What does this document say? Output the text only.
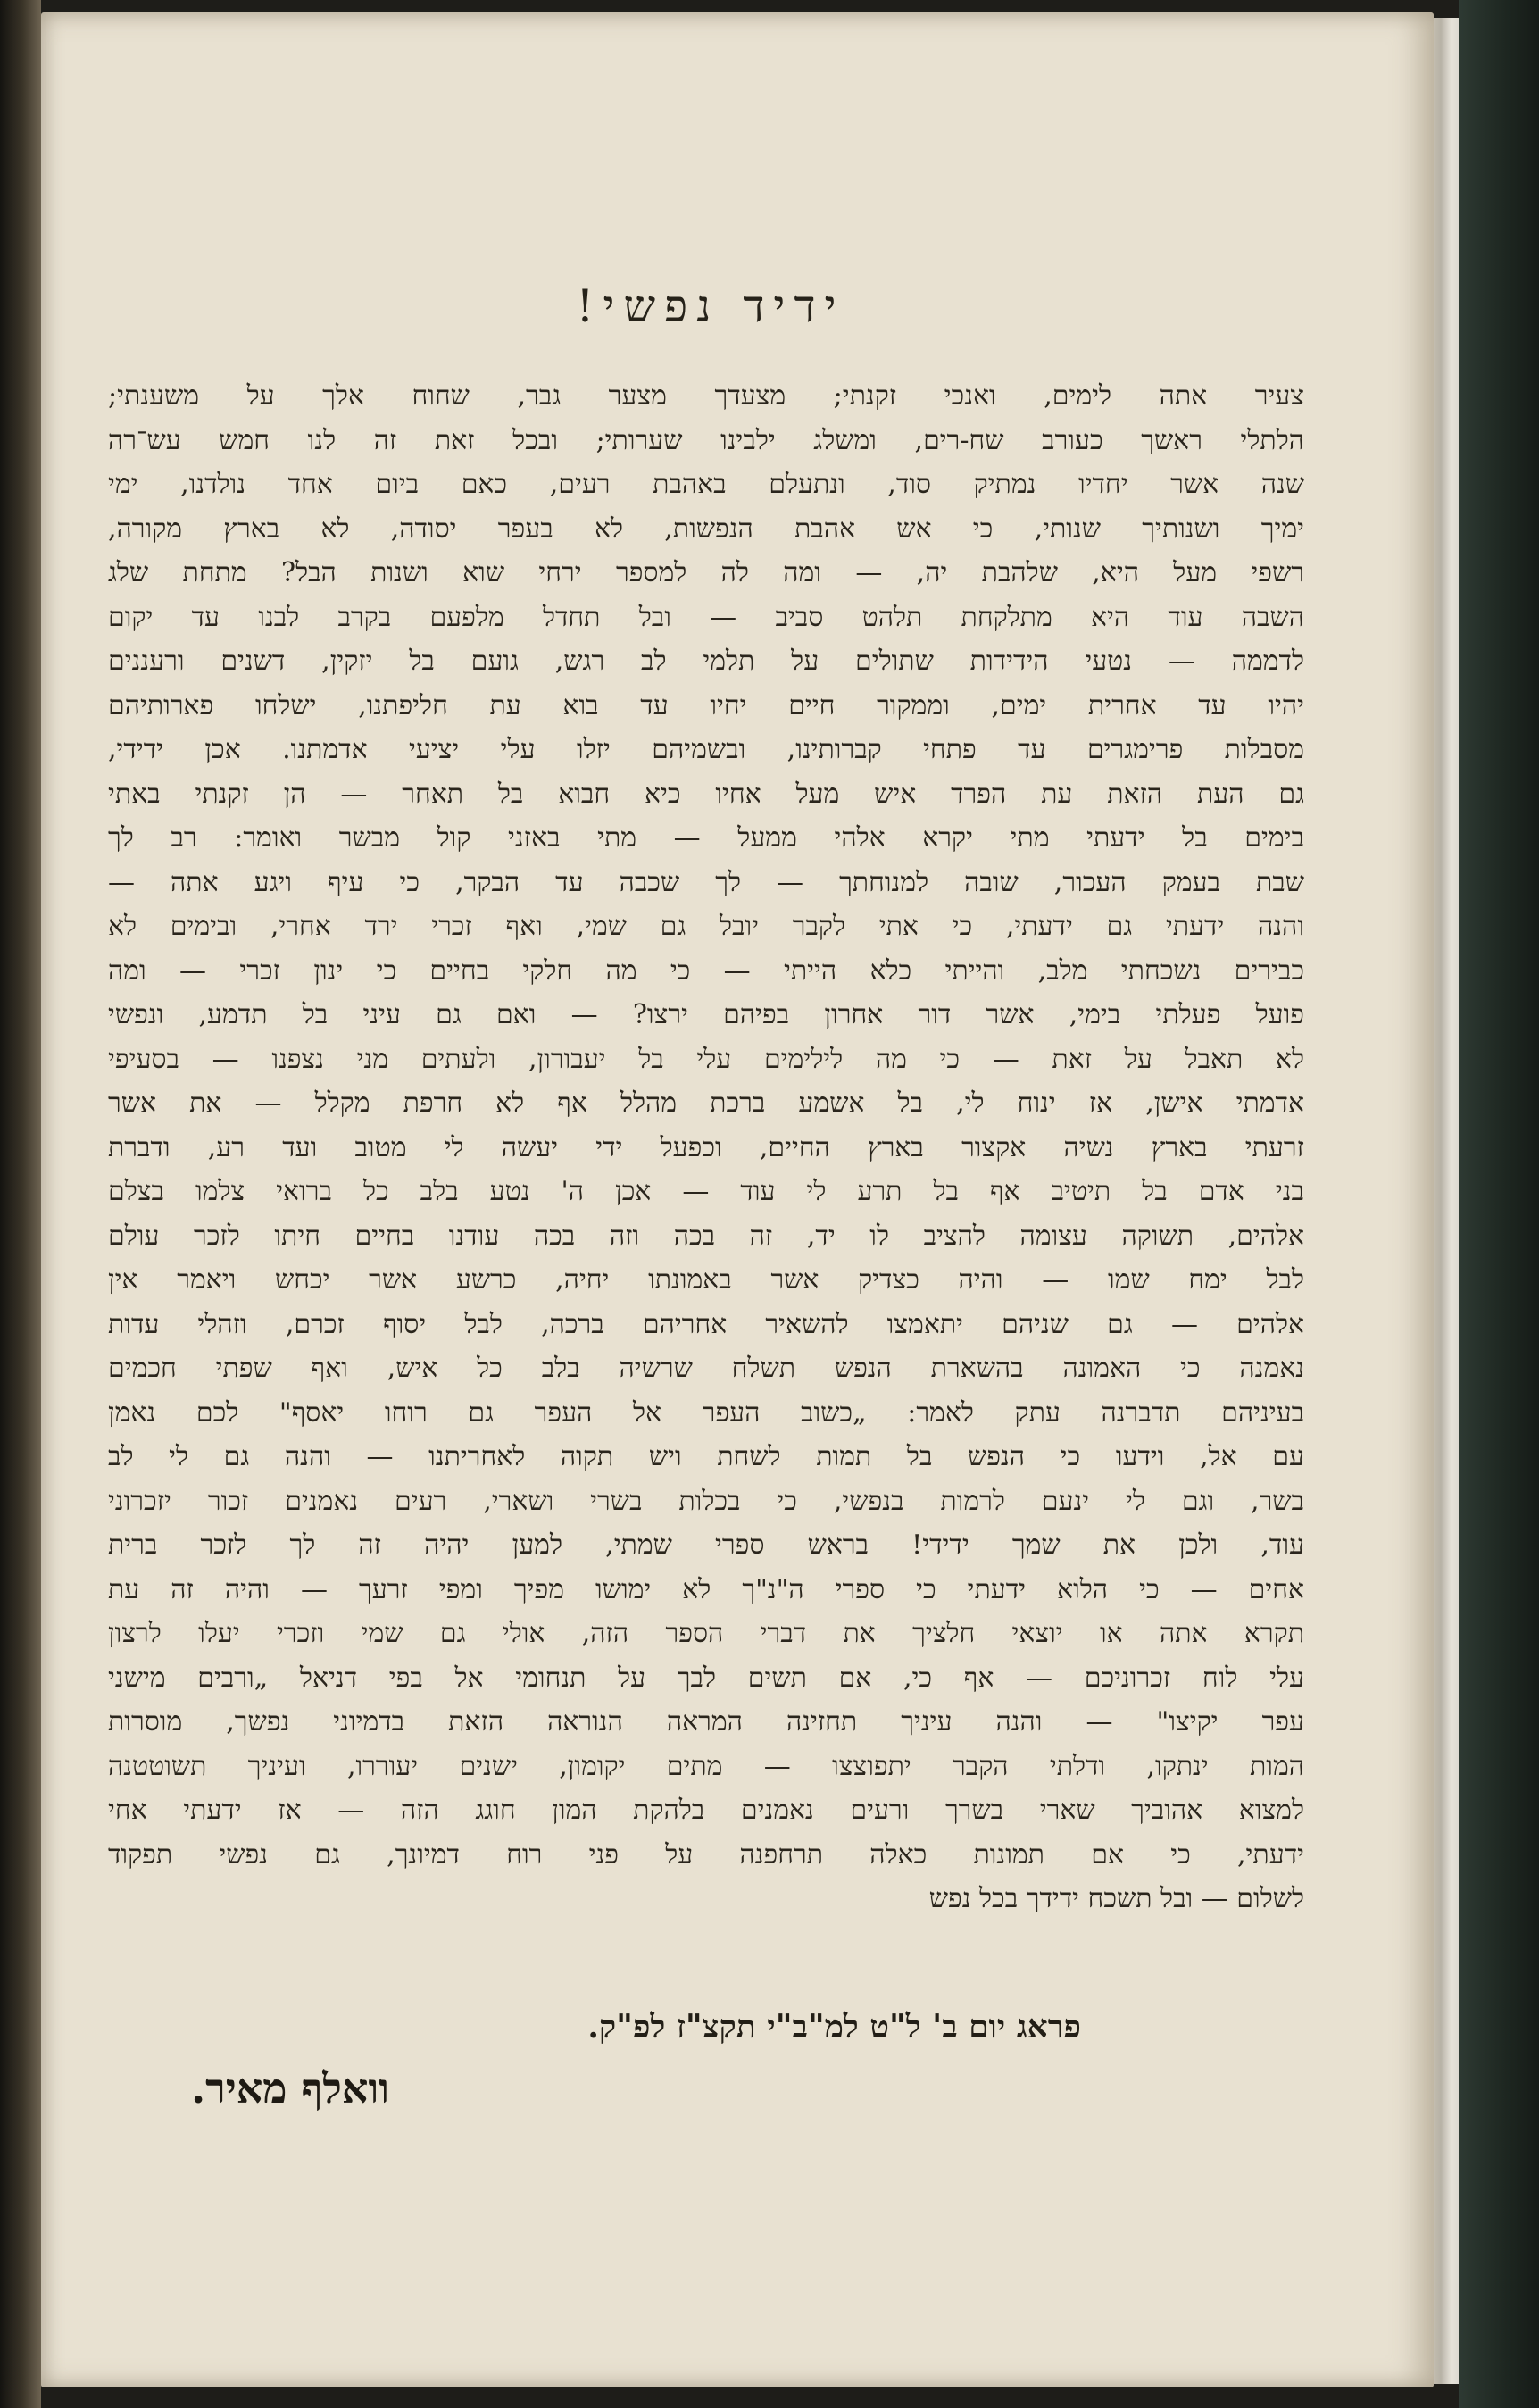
ידיד נפשי!
צעיר אתה לימים, ואנכי זקנתי; מצעדך מצער גבר, שחוח אלך על משענתי;
הלתלי ראשך כעורב שח-רים, ומשלג ילבינו שערותי; ובכל זאת זה לנו חמש עש־רה
שנה אשר יחדיו נמתיק סוד, ונתעלם באהבת רעים, כאם ביום אחד נולדנו, ימי
ימיך ושנותיך שנותי, כי אש אהבת הנפשות, לא בעפר יסודה, לא בארץ מקורה,
רשפי מעל היא, שלהבת יה, — ומה לה למספר ירחי שוא ושנות הבל? מתחת שלג
השבה עוד היא מתלקחת תלהט סביב — ובל תחדל מלפעם בקרב לבנו עד יקום
לדממה — נטעי הידידות שתולים על תלמי לב רגש, גועם בל יזקין, דשנים ורעננים
יהיו עד אחרית ימים, וממקור חיים יחיו עד בוא עת חליפתנו, ישלחו פארותיהם
מסבלות פרימגרים עד פתחי קברותינו, ובשמיהם יזלו עלי יציעי אדמתנו. אכן ידידי,
גם העת הזאת עת הפרד איש מעל אחיו כיא חבוא בל תאחר — הן זקנתי באתי
בימים בל ידעתי מתי יקרא אלהי ממעל — מתי באזני קול מבשר ואומר: רב לך
שבת בעמק העכור, שובה למנוחתך — לך שכבה עד הבקר, כי עיף ויגע אתה —
והנה ידעתי גם ידעתי, כי אתי לקבר יובל גם שמי, ואף זכרי ירד אחרי, ובימים לא
כבירים נשכחתי מלב, והייתי כלא הייתי — כי מה חלקי בחיים כי ינון זכרי — ומה
פועל פעלתי בימי, אשר דור אחרון בפיהם ירצו? — ואם גם עיני בל תדמע, ונפשי
לא תאבל על זאת — כי מה לילימים עלי בל יעבורון, ולעתים מני נצפנו — בסעיפי
אדמתי אישן, אז ינוח לי, בל אשמע ברכת מהלל אף לא חרפת מקלל — את אשר
זרעתי בארץ נשיה אקצור בארץ החיים, וכפעל ידי יעשה לי מטוב ועד רע, ודברת
בני אדם בל תיטיב אף בל תרע לי עוד — אכן ה' נטע בלב כל ברואי צלמו בצלם
אלהים, תשוקה עצומה להציב לו יד, זה בכה וזה בכה עודנו בחיים חיתו לזכר עולם
לבל ימח שמו — והיה כצדיק אשר באמונתו יחיה, כרשע אשר יכחש ויאמר אין
אלהים — גם שניהם יתאמצו להשאיר אחריהם ברכה, לבל יסוף זכרם, וזהלי עדות
נאמנה כי האמונה בהשארת הנפש תשלח שרשיה בלב כל איש, ואף שפתי חכמים
בעיניהם תדברנה עתק לאמר: „כשוב העפר אל העפר גם רוחו יאסף" לכם נאמן
עם אל, וידעו כי הנפש בל תמות לשחת ויש תקוה לאחריתנו — והנה גם לי לב
בשר, וגם לי ינעם לרמות בנפשי, כי בכלות בשרי ושארי, רעים נאמנים זכור יזכרוני
עוד, ולכן את שמך ידידי! בראש ספרי שמתי, למען יהיה זה לך לזכר ברית
אחים — כי הלוא ידעתי כי ספרי ה"נ"ך לא ימושו מפיך ומפי זרעך — והיה זה עת
תקרא אתה או יוצאי חלציך את דברי הספר הזה, אולי גם שמי וזכרי יעלו לרצון
עלי לוח זכרוניכם — אף כי, אם תשים לבך על תנחומי אל בפי דניאל „ורבים מישני
עפר יקיצו" — והנה עיניך תחזינה המראה הנוראה הזאת בדמיוני נפשך, מוסרות
המות ינתקו, ודלתי הקבר יתפוצצו — מתים יקומון, ישנים יעוררו, ועיניך תשוטטנה
למצוא אהוביך שארי בשרך ורעים נאמנים בלהקת המון חוגג הזה — אז ידעתי אחי
ידעתי, כי אם תמונות כאלה תרחפנה על פני רוח דמיונך, גם נפשי תפקוד
לשלום — ובל תשכח ידידך בכל נפש
פראג יום ב' ל"ט למ"ב"י תקצ"ז לפ"ק.
וואלף מאיר.
